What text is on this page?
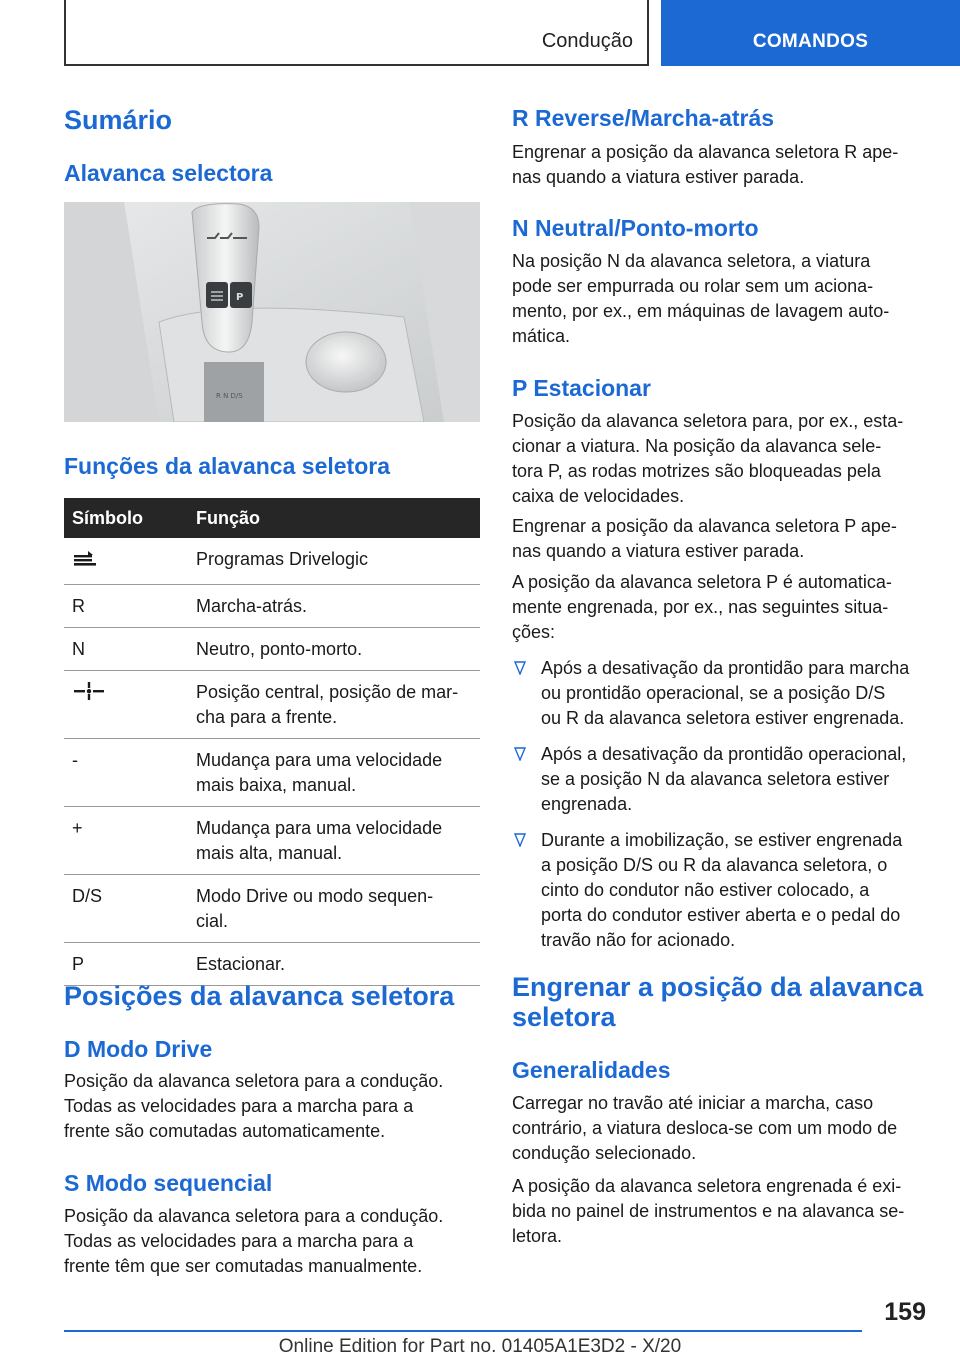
Condução	COMANDOS
Sumário
Alavanca selectora
R N D/S
P
Funções da alavanca seletora
Símbolo	Função
	Programas Drivelogic
R	Marcha-atrás.
N	Neutro, ponto-morto.
	Posição central, posição de mar-
cha para a frente.
-	Mudança para uma velocidade
mais baixa, manual.
+	Mudança para uma velocidade
mais alta, manual.
D/S	Modo Drive ou modo sequen-
cial.
P	Estacionar.
Posições da alavanca seletora
D Modo Drive
Posição da alavanca seletora para a condução.
Todas as velocidades para a marcha para a
frente são comutadas automaticamente.
S Modo sequencial
Posição da alavanca seletora para a condução.
Todas as velocidades para a marcha para a
frente têm que ser comutadas manualmente.
R Reverse/Marcha-atrás
Engrenar a posição da alavanca seletora R ape-
nas quando a viatura estiver parada.
N Neutral/Ponto-morto
Na posição N da alavanca seletora, a viatura
pode ser empurrada ou rolar sem um aciona-
mento, por ex., em máquinas de lavagem auto-
mática.
P Estacionar
Posição da alavanca seletora para, por ex., esta-
cionar a viatura. Na posição da alavanca sele-
tora P, as rodas motrizes são bloqueadas pela
caixa de velocidades.
Engrenar a posição da alavanca seletora P ape-
nas quando a viatura estiver parada.
A posição da alavanca seletora P é automatica-
mente engrenada, por ex., nas seguintes situa-
ções:
Após a desativação da prontidão para marcha
ou prontidão operacional, se a posição D/S
ou R da alavanca seletora estiver engrenada.
Após a desativação da prontidão operacional,
se a posição N da alavanca seletora estiver
engrenada.
Durante a imobilização, se estiver engrenada
a posição D/S ou R da alavanca seletora, o
cinto do condutor não estiver colocado, a
porta do condutor estiver aberta e o pedal do
travão não for acionado.
Engrenar a posição da alavanca
seletora
Generalidades
Carregar no travão até iniciar a marcha, caso
contrário, a viatura desloca-se com um modo de
condução selecionado.
A posição da alavanca seletora engrenada é exi-
bida no painel de instrumentos e na alavanca se-
letora.
159
Online Edition for Part no. 01405A1E3D2 - X/20
